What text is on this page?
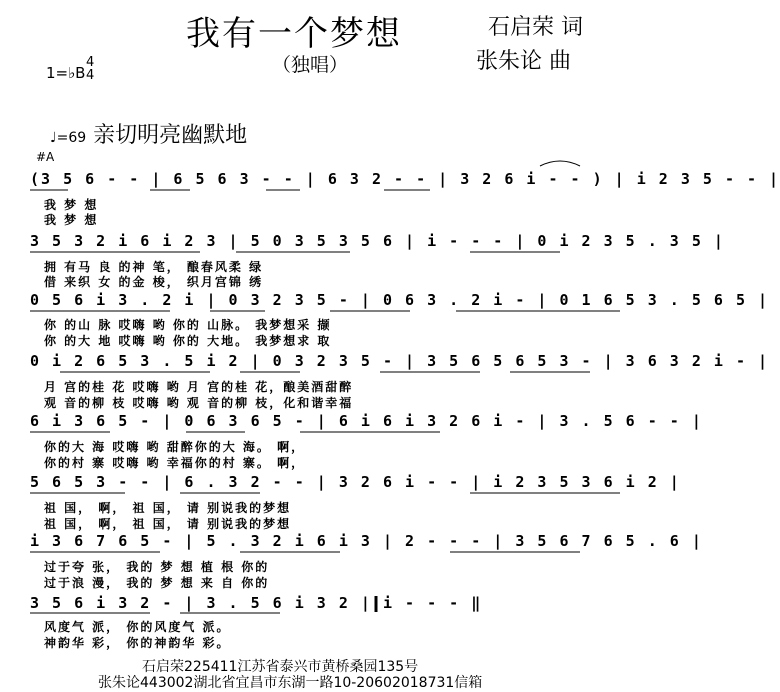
我有一个梦想
（独唱）
石启荣 词
张朱论 曲
1=♭B
4
4
♩=69 亲切明亮幽默地
#A
(3 5 6 - - | 6 5 6 3 - - | 6 3 2 - - | 3 2 6 i - - ) | i 2 3 5 - - |
我 梦 想
我 梦 想
3 5 3 2 i 6 i 2 3 | 5 0 3 5 3 5 6 | i - - - | 0 i 2 3 5 . 3 5 |
拥 有马 良 的神 笔， 酿春风柔 绿
借 来织 女 的金 梭， 织月宫锦 绣
0 5 6 i 3 . 2 i | 0 3 2 3 5 - | 0 6 3 . 2 i - | 0 1 6 5 3 . 5 6 5 |
你 的山 脉 哎嗨 哟 你的 山脉。 我梦想采 撷
你 的大 地 哎嗨 哟 你的 大地。 我梦想求 取
0 i 2 6 5 3 . 5 i 2 | 0 3 2 3 5 - | 3 5 6 5 6 5 3 - | 3 6 3 2 i - |
月 宫的桂 花 哎嗨 哟 月 宫的桂 花，酿美酒甜醉
观 音的柳 枝 哎嗨 哟 观 音的柳 枝，化和谐幸福
6 i 3 6 5 - | 0 6 3 6 5 - | 6 i 6 i 3 2 6 i - | 3 . 5 6 - - |
你的大 海 哎嗨 哟 甜醉你的大 海。 啊，
你的村 寨 哎嗨 哟 幸福你的村 寨。 啊，
5 6 5 3 - - | 6 . 3 2 - - | 3 2 6 i - - | i 2 3 5 3 6 i 2 |
祖 国， 啊， 祖 国， 请 别说我的梦想
祖 国， 啊， 祖 国， 请 别说我的梦想
i 3 6 7 6 5 - | 5 . 3 2 i 6 i 3 | 2 - - - | 3 5 6 7 6 5 . 6 |
过于夸 张， 我的 梦 想 植 根 你的
过于浪 漫， 我的 梦 想 来 自 你的
3 5 6 i 3 2 - | 3 . 5 6 i 3 2 | i - - - ‖
风度气 派， 你的风度气 派。
神韵华 彩， 你的神韵华 彩。
石启荣225411江苏省泰兴市黄桥桑园135号
张朱论443002湖北省宜昌市东湖一路10-20602018731信箱
